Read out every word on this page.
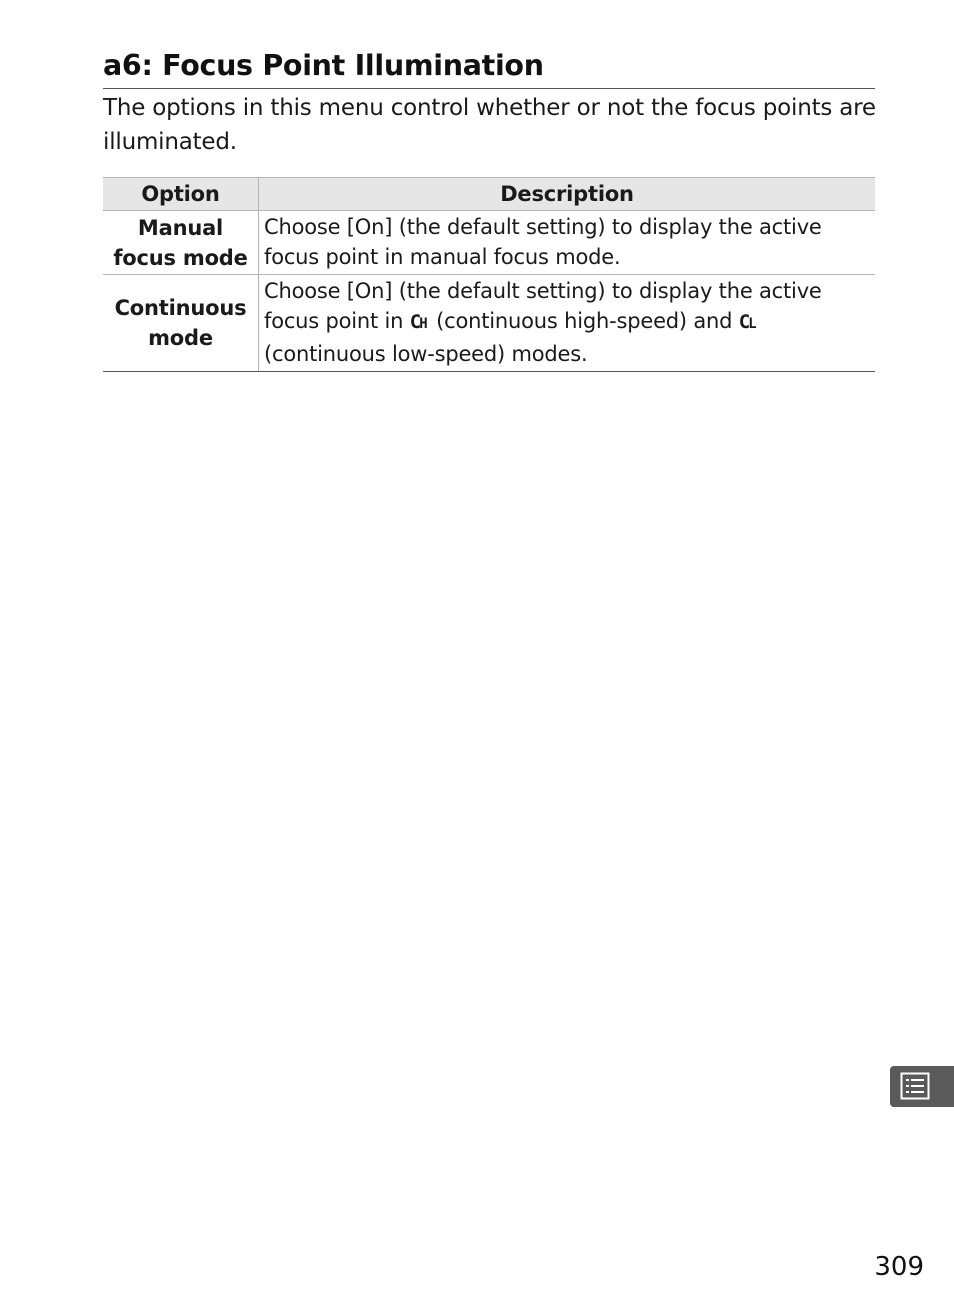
a6: Focus Point Illumination

The options in this menu control whether or not the focus points are illuminated.

Option	Description
Manual
focus mode	Choose [On] (the default setting) to display the active focus point in manual focus mode.
Continuous
mode	Choose [On] (the default setting) to display the active focus point in CH (continuous high-speed) and CL
(continuous low-speed) modes.
309
